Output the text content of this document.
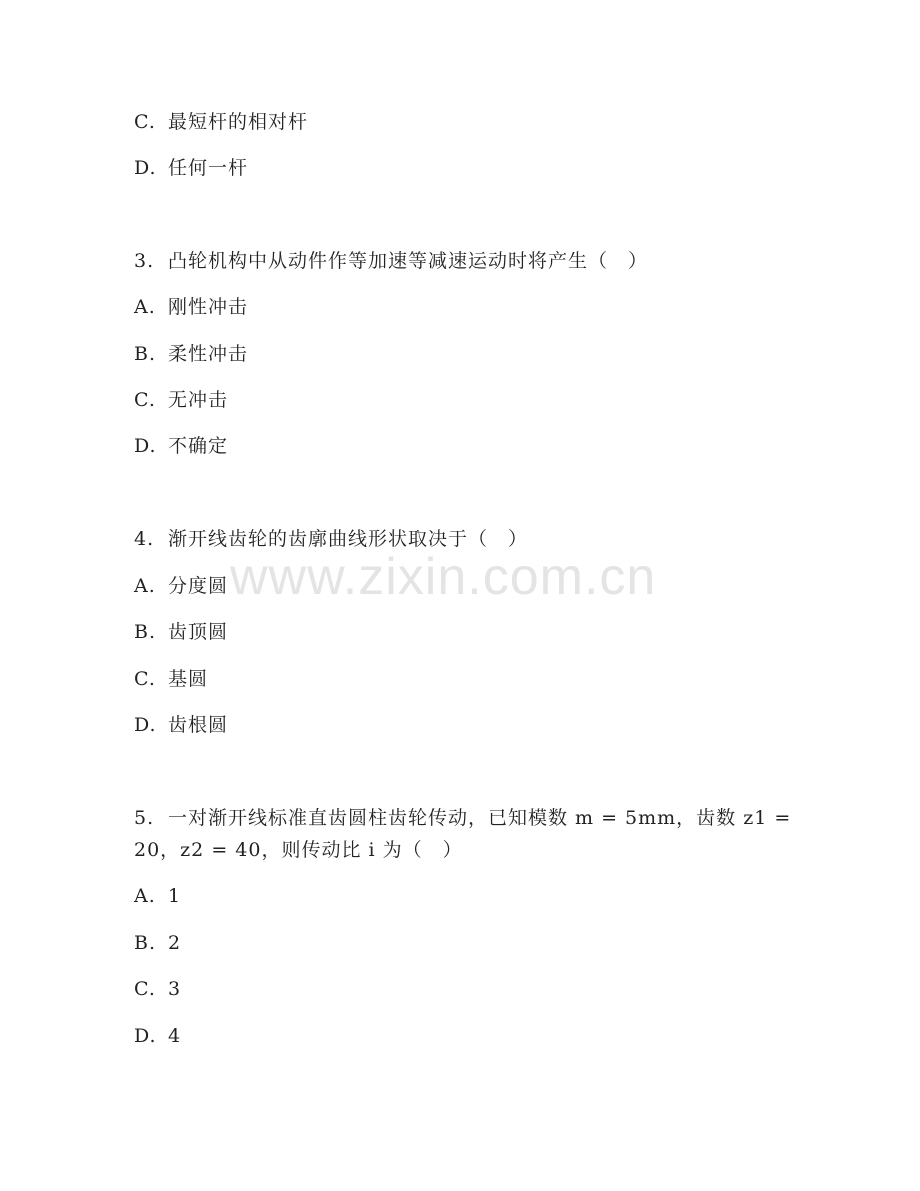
www.zixin.com.cn
C. 最短杆的相对杆
D. 任何一杆
3. 凸轮机构中从动件作等加速等减速运动时将产生（　）
A. 刚性冲击
B. 柔性冲击
C. 无冲击
D. 不确定
4. 渐开线齿轮的齿廓曲线形状取决于（　）
A. 分度圆
B. 齿顶圆
C. 基圆
D. 齿根圆
5. 一对渐开线标准直齿圆柱齿轮传动，已知模数 m = 5mm，齿数 z1 =
20，z2 = 40，则传动比 i 为（　）
A. 1
B. 2
C. 3
D. 4
